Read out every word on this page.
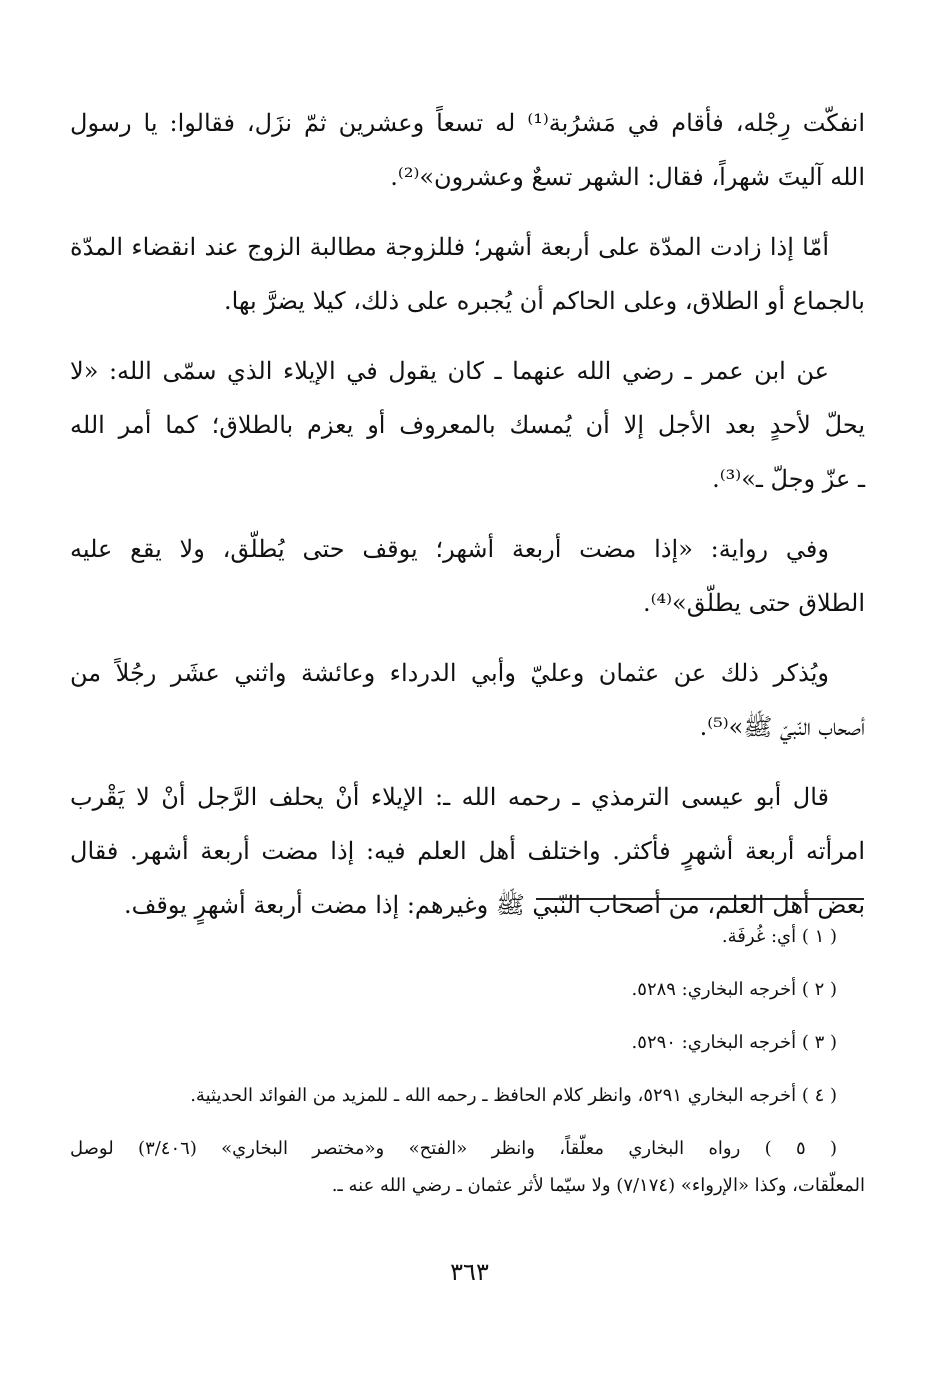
انفكّت رِجْله، فأقام في مَشرُبة⁽¹⁾ له تسعاً وعشرين ثمّ نزَل، فقالوا: يا رسول
الله آليتَ شهراً، فقال: الشهر تسعٌ وعشرون»⁽²⁾.

أمّا إذا زادت المدّة على أربعة أشهر؛ فللزوجة مطالبة الزوج عند انقضاء المدّة
بالجماع أو الطلاق، وعلى الحاكم أن يُجبره على ذلك، كيلا يضرَّ بها.

عن ابن عمر ـ رضي الله عنهما ـ كان يقول في الإيلاء الذي سمّى الله: «لا
يحلّ لأحدٍ بعد الأجل إلا أن يُمسك بالمعروف أو يعزم بالطلاق؛ كما أمر الله
ـ عزّ وجلّ ـ»⁽³⁾.

وفي رواية: «إذا مضت أربعة أشهر؛ يوقف حتى يُطلّق، ولا يقع عليه
الطلاق حتى يطلّق»⁽⁴⁾.

ويُذكر ذلك عن عثمان وعليّ وأبي الدرداء وعائشة واثني عشَر رجُلاً من
أصحاب النّبيّ ﷺ»⁽⁵⁾.

قال أبو عيسى الترمذي ـ رحمه الله ـ: الإيلاء أنْ يحلف الرَّجل أنْ لا يَقْرب
امرأته أربعة أشهرٍ فأكثر. واختلف أهل العلم فيه: إذا مضت أربعة أشهر. فقال
بعض أهل العلم، من أصحاب النّبي ﷺ وغيرهم: إذا مضت أربعة أشهرٍ يوقف.

( ١ ) أي: غُرفَة.

( ٢ ) أخرجه البخاري: ٥٢٨٩.

( ٣ ) أخرجه البخاري: ٥٢٩٠.

( ٤ ) أخرجه البخاري ٥٢٩١، وانظر كلام الحافظ ـ رحمه الله ـ للمزيد من الفوائد الحديثية.

( ٥ ) رواه البخاري معلّقاً، وانظر «الفتح» و«مختصر البخاري» (٣/٤٠٦) لوصل
المعلّقات، وكذا «الإرواء» (٧/١٧٤) ولا سيّما لأثر عثمان ـ رضي الله عنه ـ.

٣٦٣
